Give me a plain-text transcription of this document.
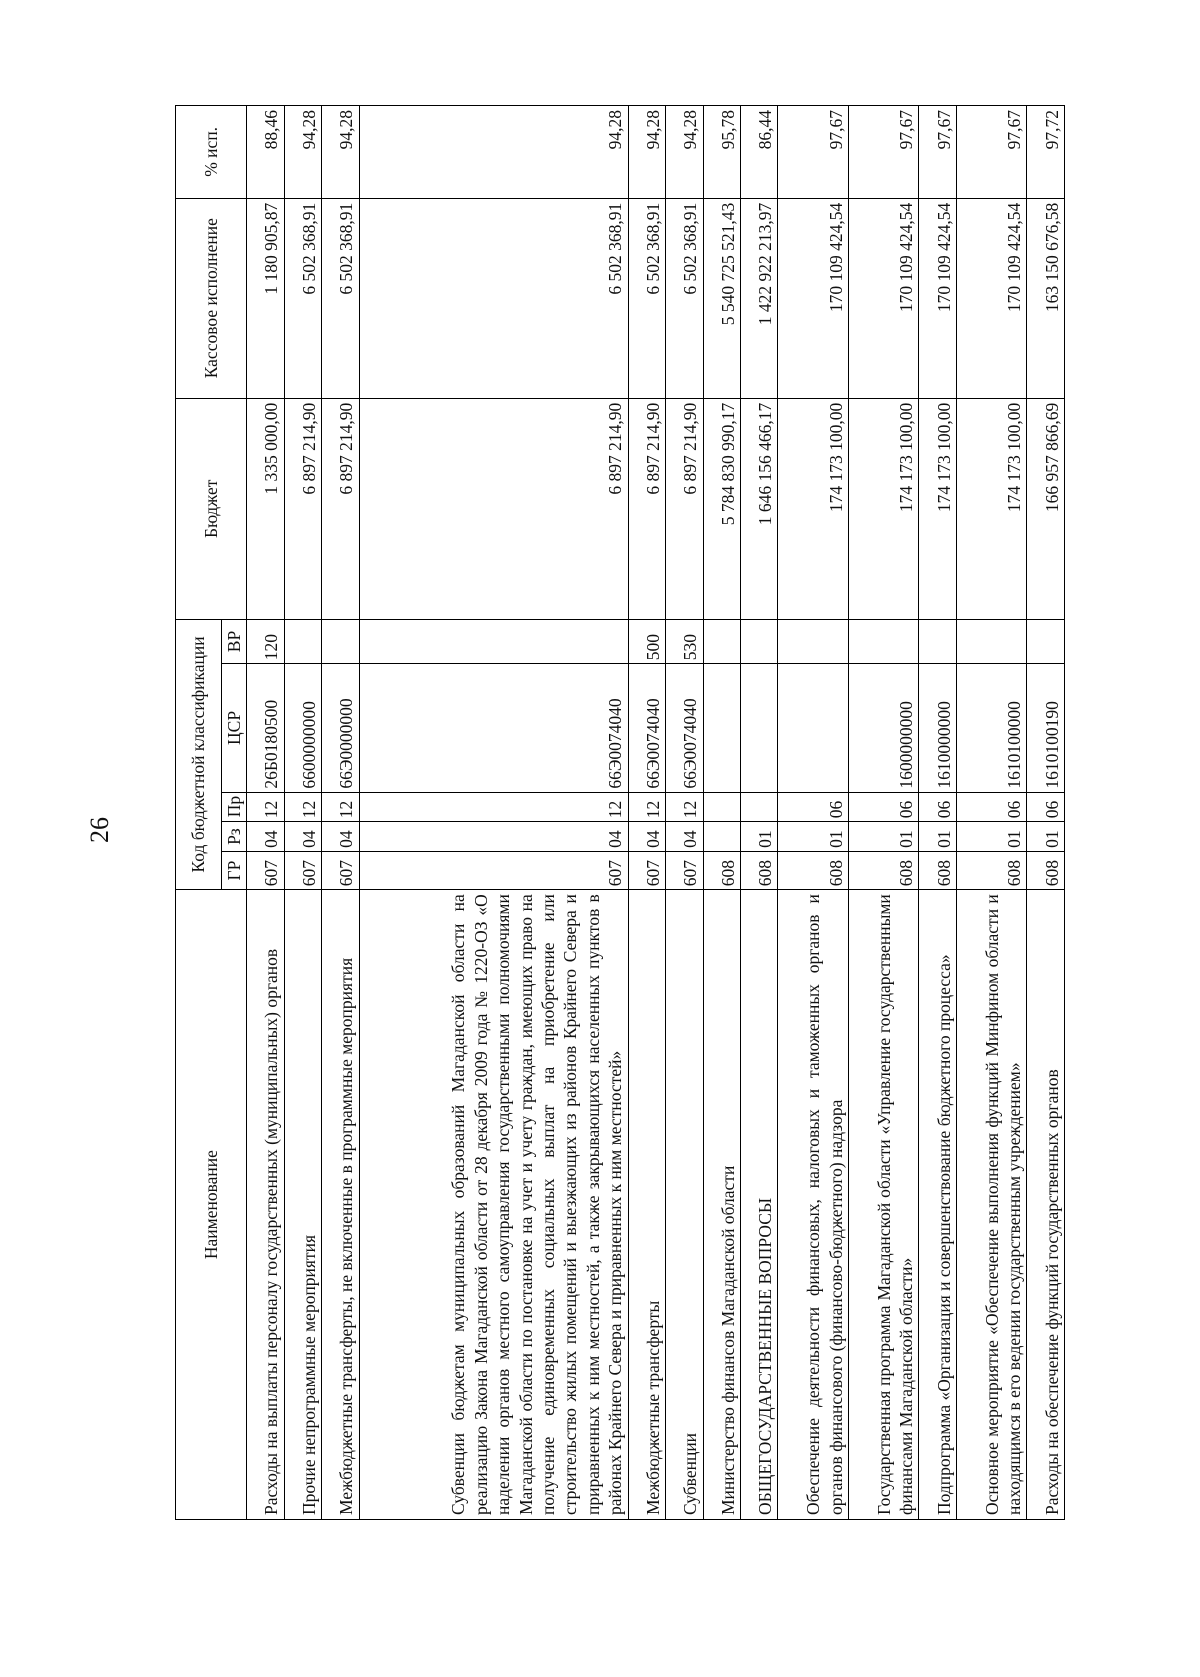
26
Наименование	Код бюджетной классификации					Бюджет	Кассовое исполнение	% исп.
	ГР	Рз	Пр	ЦСР	ВР			
Расходы на выплаты персоналу государственных (муниципальных) органов	607	04	12	26Б0180500	120	1 335 000,00	1 180 905,87	88,46
Прочие непрограммные мероприятия	607	04	12	6600000000		6 897 214,90	6 502 368,91	94,28
Межбюджетные трансферты, не включенные в программные мероприятия	607	04	12	66Э0000000		6 897 214,90	6 502 368,91	94,28
Субвенции бюджетам муниципальных образований Магаданской области на реализацию Закона Магаданской области от 28 декабря 2009 года № 1220-ОЗ «О наделении органов местного самоуправления государственными полномочиями Магаданской области по постановке на учет и учету граждан, имеющих право на получение единовременных социальных выплат на приобретение или строительство жилых помещений и выезжающих из районов Крайнего Севера и приравненных к ним местностей, а также закрывающихся населенных пунктов в районах Крайнего Севера и приравненных к ним местностей»	607	04	12	66Э0074040		6 897 214,90	6 502 368,91	94,28
Межбюджетные трансферты	607	04	12	66Э0074040	500	6 897 214,90	6 502 368,91	94,28
Субвенции	607	04	12	66Э0074040	530	6 897 214,90	6 502 368,91	94,28
Министерство финансов Магаданской области	608					5 784 830 990,17	5 540 725 521,43	95,78
ОБЩЕГОСУДАРСТВЕННЫЕ ВОПРОСЫ	608	01				1 646 156 466,17	1 422 922 213,97	86,44
Обеспечение деятельности финансовых, налоговых и таможенных органов и органов финансового (финансово-бюджетного) надзора	608	01	06			174 173 100,00	170 109 424,54	97,67
Государственная программа Магаданской области «Управление государственными финансами Магаданской области»	608	01	06	1600000000		174 173 100,00	170 109 424,54	97,67
Подпрограмма «Организация и совершенствование бюджетного процесса»	608	01	06	1610000000		174 173 100,00	170 109 424,54	97,67
Основное мероприятие «Обеспечение выполнения функций Минфином области и находящимся в его ведении государственным учреждением»	608	01	06	1610100000		174 173 100,00	170 109 424,54	97,67
Расходы на обеспечение функций государственных органов	608	01	06	1610100190		166 957 866,69	163 150 676,58	97,72
